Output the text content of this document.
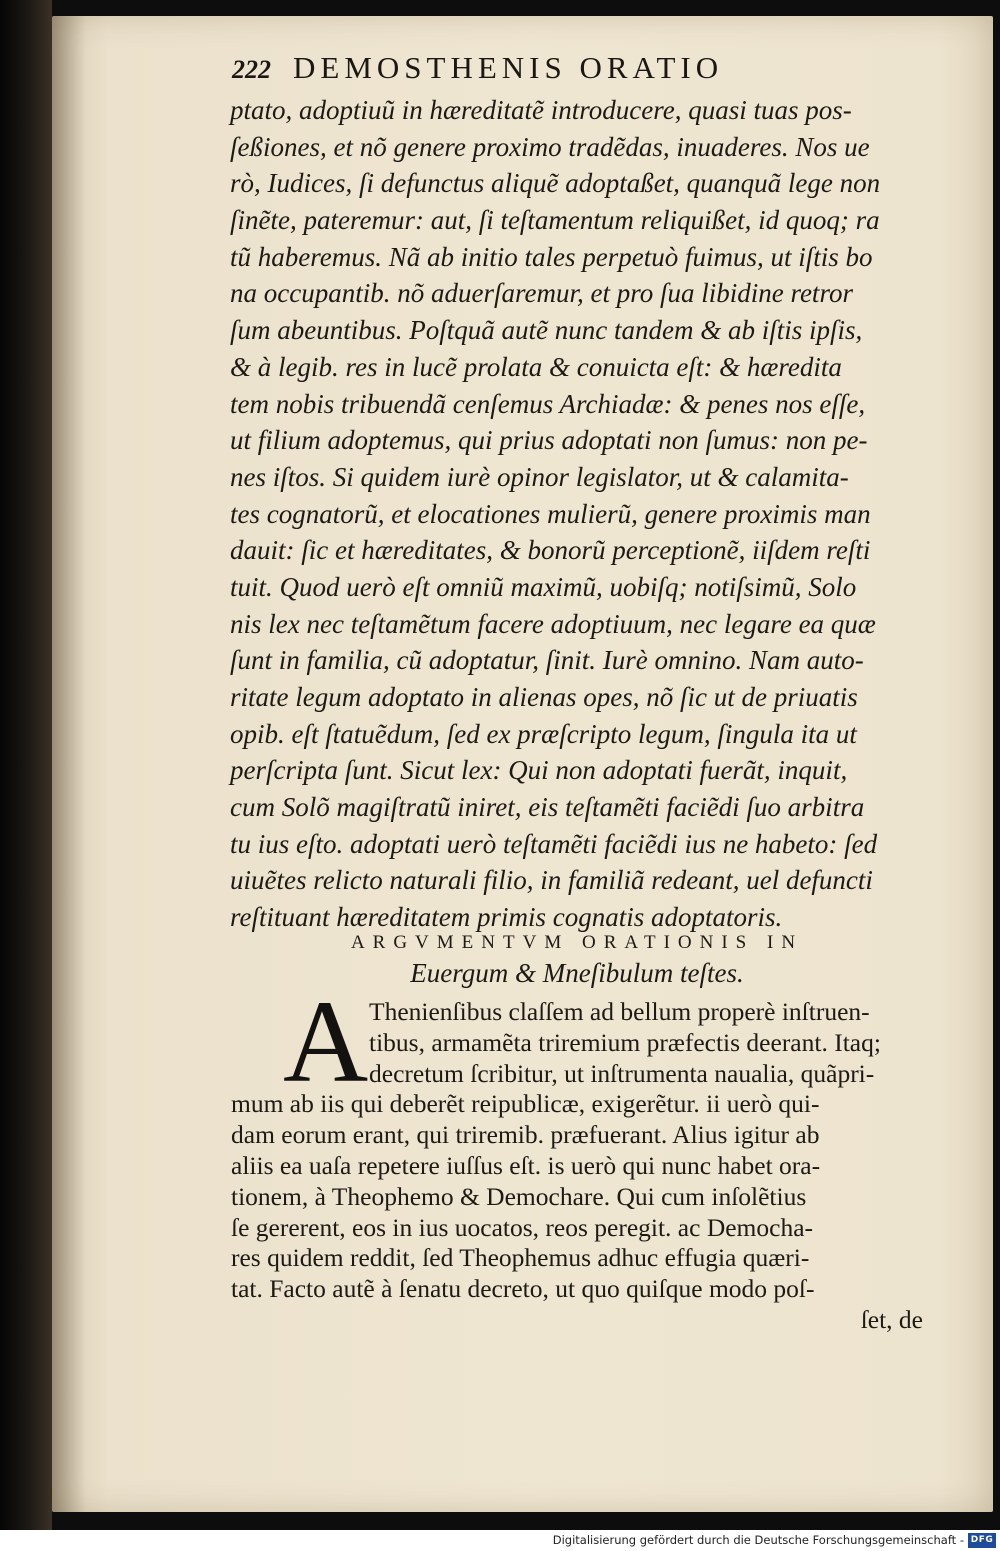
222 DEMOSTHENIS ORATIO
ptato, adoptiuũ in hæreditatẽ introducere, quasi tuas pos-
ſeßiones, et nõ genere proximo tradẽdas, inuaderes. Nos ue
rò, Iudices, ſi defunctus aliquẽ adoptaßet, quanquã lege non
ſinẽte, pateremur: aut, ſi teſtamentum reliquißet, id quoq; ra
tũ haberemus. Nã ab initio tales perpetuò fuimus, ut iſtis bo
na occupantib. nõ aduerſaremur, et pro ſua libidine retror
ſum abeuntibus. Poſtquã autẽ nunc tandem & ab iſtis ipſis,
& à legib. res in lucẽ prolata & conuicta eſt: & hæredita
tem nobis tribuendã cenſemus Archiadæ: & penes nos eſſe,
ut filium adoptemus, qui prius adoptati non ſumus: non pe-
nes iſtos. Si quidem iurè opinor legislator, ut & calamita-
tes cognatorũ, et elocationes mulierũ, genere proximis man
dauit: ſic et hæreditates, & bonorũ perceptionẽ, iiſdem reſti
tuit. Quod uerò eſt omniũ maximũ, uobiſq; notiſsimũ, Solo
nis lex nec teſtamẽtum facere adoptiuum, nec legare ea quæ
ſunt in familia, cũ adoptatur, ſinit. Iurè omnino. Nam auto-
ritate legum adoptato in alienas opes, nõ ſic ut de priuatis
opib. eſt ſtatuẽdum, ſed ex præſcripto legum, ſingula ita ut
perſcripta ſunt. Sicut lex: Qui non adoptati fuerãt, inquit,
cum Solõ magiſtratũ iniret, eis teſtamẽti faciẽdi ſuo arbitra
tu ius eſto. adoptati uerò teſtamẽti faciẽdi ius ne habeto: ſed
uiuẽtes relicto naturali filio, in familiã redeant, uel defuncti
reſtituant hæreditatem primis cognatis adoptatoris.
ARGVMENTVM ORATIONIS IN
Euergum & Mneſibulum teſtes.
A Thenienſibus claſſem ad bellum properè inſtruen-
tibus, armamẽta triremium præfectis deerant. Itaq;
decretum ſcribitur, ut inſtrumenta naualia, quãpri-
mum ab iis qui deberẽt reipublicæ, exigerẽtur. ii uerò qui-
dam eorum erant, qui triremib. præfuerant. Alius igitur ab
aliis ea uaſa repetere iuſſus eſt. is uerò qui nunc habet ora-
tionem, à Theophemo & Demochare. Qui cum inſolẽtius
ſe gererent, eos in ius uocatos, reos peregit. ac Democha-
res quidem reddit, ſed Theophemus adhuc effugia quæri-
tat. Facto autẽ à ſenatu decreto, ut quo quiſque modo poſ-
ſet, de
Digitalisierung gefördert durch die Deutsche Forschungsgemeinschaft - DFG
